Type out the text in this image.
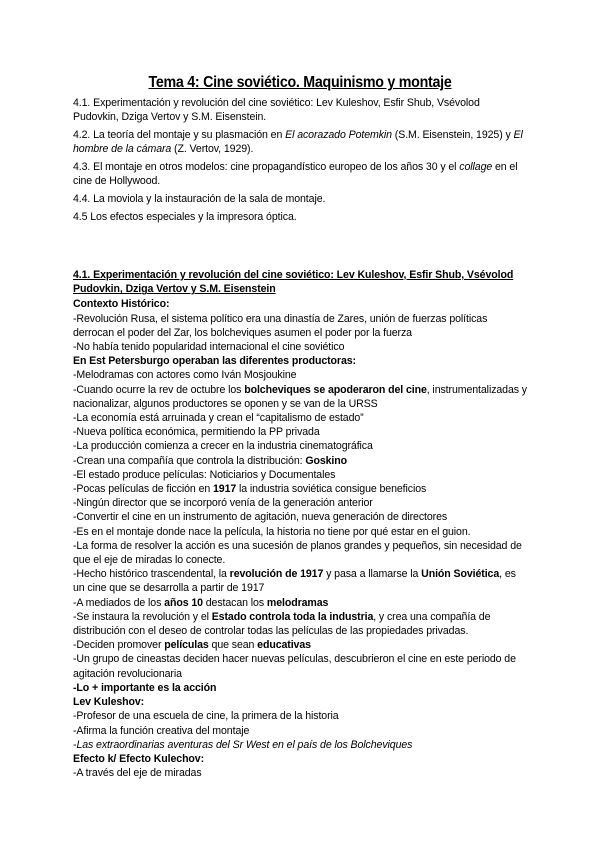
Tema 4: Cine soviético. Maquinismo y montaje

4.1. Experimentación y revolución del cine soviético: Lev Kuleshov, Esfir Shub, Vsévolod Pudovkin, Dziga Vertov y S.M. Eisenstein.

4.2. La teoría del montaje y su plasmación en El acorazado Potemkin (S.M. Eisenstein, 1925) y El hombre de la cámara (Z. Vertov, 1929).

4.3. El montaje en otros modelos: cine propagandístico europeo de los años 30 y el collage en el cine de Hollywood.

4.4. La moviola y la instauración de la sala de montaje.

4.5 Los efectos especiales y la impresora óptica.

4.1. Experimentación y revolución del cine soviético: Lev Kuleshov, Esfir Shub, Vsévolod Pudovkin, Dziga Vertov y S.M. Eisenstein

Contexto Histórico:

-Revolución Rusa, el sistema político era una dinastía de Zares, unión de fuerzas políticas derrocan el poder del Zar, los bolcheviques asumen el poder por la fuerza

-No había tenido popularidad internacional el cine soviético

En Est Petersburgo operaban las diferentes productoras:

-Melodramas con actores como Iván Mosjoukine

-Cuando ocurre la rev de octubre los bolcheviques se apoderaron del cine, instrumentalizadas y nacionalizar, algunos productores se oponen y se van de la URSS

-La economía está arruinada y crean el “capitalismo de estado”

-Nueva política económica, permitiendo la PP privada

-La producción comienza a crecer en la industria cinematográfica

-Crean una compañía que controla la distribución: Goskino

-El estado produce películas: Noticiarios y Documentales

-Pocas películas de ficción en 1917 la industria soviética consigue beneficios

-Ningún director que se incorporó venía de la generación anterior

-Convertir el cine en un instrumento de agitación, nueva generación de directores

-Es en el montaje donde nace la película, la historia no tiene por qué estar en el guion.

-La forma de resolver la acción es una sucesión de planos grandes y pequeños, sin necesidad de que el eje de miradas lo conecte.

-Hecho histórico trascendental, la revolución de 1917 y pasa a llamarse la Unión Soviética, es un cine que se desarrolla a partir de 1917

-A mediados de los años 10 destacan los melodramas

-Se instaura la revolución y el Estado controla toda la industria, y crea una compañía de distribución con el deseo de controlar todas las películas de las propiedades privadas.

-Deciden promover películas que sean educativas

-Un grupo de cineastas deciden hacer nuevas películas, descubrieron el cine en este periodo de agitación revolucionaria

-Lo + importante es la acción

Lev Kuleshov:

-Profesor de una escuela de cine, la primera de la historia

-Afirma la función creativa del montaje

-Las extraordinarias aventuras del Sr West en el país de los Bolcheviques

Efecto k/ Efecto Kulechov:

-A través del eje de miradas
